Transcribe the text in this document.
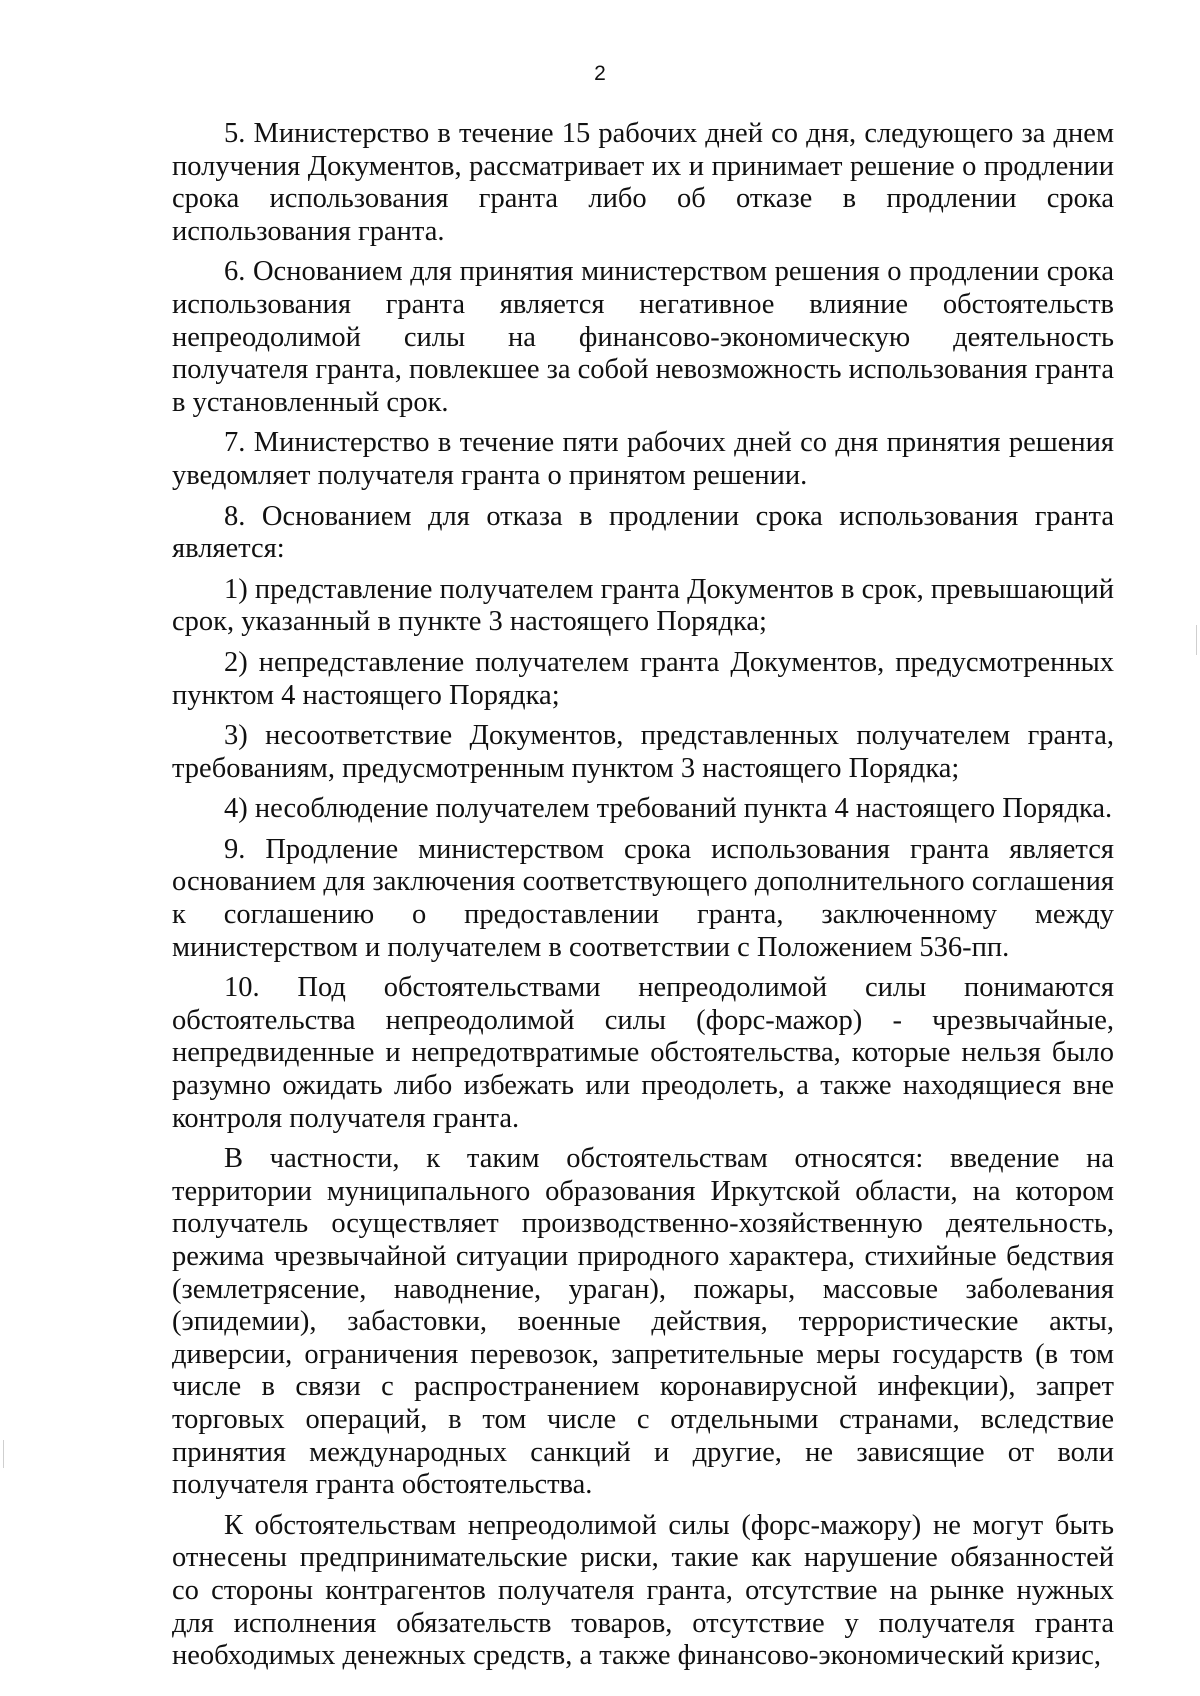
2

5. Министерство в течение 15 рабочих дней со дня, следующего за днем получения Документов, рассматривает их и принимает решение о продлении срока использования гранта либо об отказе в продлении срока использования гранта.

6. Основанием для принятия министерством решения о продлении срока использования гранта является негативное влияние обстоятельств непреодолимой силы на финансово-экономическую деятельность получателя гранта, повлекшее за собой невозможность использования гранта в установленный срок.

7. Министерство в течение пяти рабочих дней со дня принятия решения уведомляет получателя гранта о принятом решении.

8. Основанием для отказа в продлении срока использования гранта является:

1) представление получателем гранта Документов в срок, превышающий срок, указанный в пункте 3 настоящего Порядка;

2) непредставление получателем гранта Документов, предусмотренных пунктом 4 настоящего Порядка;

3) несоответствие Документов, представленных получателем гранта, требованиям, предусмотренным пунктом 3 настоящего Порядка;

4) несоблюдение получателем требований пункта 4 настоящего Порядка.

9. Продление министерством срока использования гранта является основанием для заключения соответствующего дополнительного соглашения к соглашению о предоставлении гранта, заключенному между министерством и получателем в соответствии с Положением 536-пп.

10. Под обстоятельствами непреодолимой силы понимаются обстоятельства непреодолимой силы (форс-мажор) - чрезвычайные, непредвиденные и непредотвратимые обстоятельства, которые нельзя было разумно ожидать либо избежать или преодолеть, а также находящиеся вне контроля получателя гранта.

В частности, к таким обстоятельствам относятся: введение на территории муниципального образования Иркутской области, на котором получатель осуществляет производственно-хозяйственную деятельность, режима чрезвычайной ситуации природного характера, стихийные бедствия (землетрясение, наводнение, ураган), пожары, массовые заболевания (эпидемии), забастовки, военные действия, террористические акты, диверсии, ограничения перевозок, запретительные меры государств (в том числе в связи с распространением коронавирусной инфекции), запрет торговых операций, в том числе с отдельными странами, вследствие принятия международных санкций и другие, не зависящие от воли получателя гранта обстоятельства.

К обстоятельствам непреодолимой силы (форс-мажору) не могут быть отнесены предпринимательские риски, такие как нарушение обязанностей со стороны контрагентов получателя гранта, отсутствие на рынке нужных для исполнения обязательств товаров, отсутствие у получателя гранта необходимых денежных средств, а также финансово-экономический кризис,
